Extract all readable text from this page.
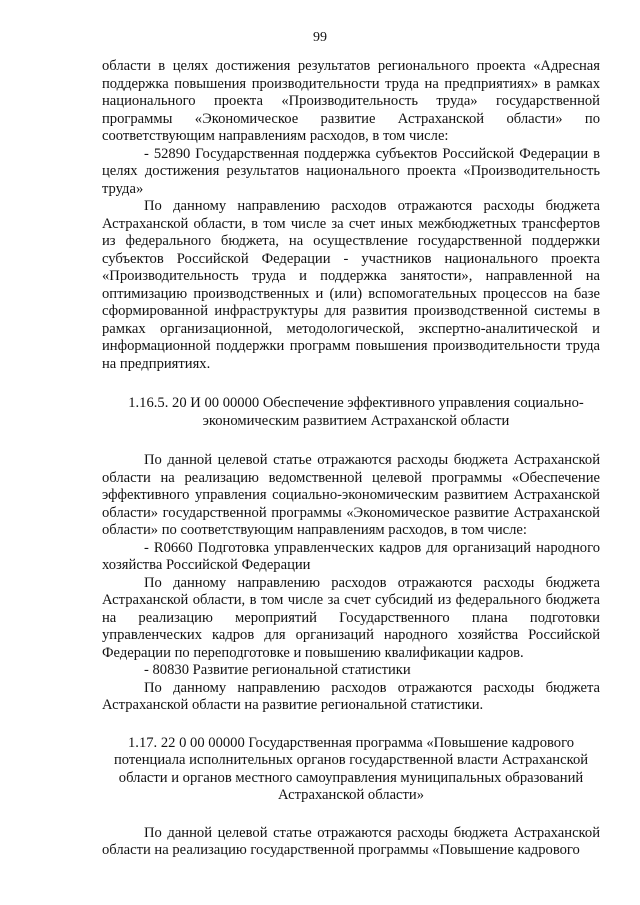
99

области в целях достижения результатов регионального проекта «Адресная поддержка повышения производительности труда на предприятиях» в рамках национального проекта «Производительность труда» государственной программы «Экономическое развитие Астраханской области» по соответствующим направлениям расходов, в том числе:

- 52890 Государственная поддержка субъектов Российской Федерации в целях достижения результатов национального проекта «Производительность труда»

По данному направлению расходов отражаются расходы бюджета Астраханской области, в том числе за счет иных межбюджетных трансфертов из федерального бюджета, на осуществление государственной поддержки субъектов Российской Федерации - участников национального проекта «Производительность труда и поддержка занятости», направленной на оптимизацию производственных и (или) вспомогательных процессов на базе сформированной инфраструктуры для развития производственной системы в рамках организационной, методологической, экспертно-аналитической и информационной поддержки программ повышения производительности труда на предприятиях.

1.16.5. 20 И 00 00000 Обеспечение эффективного управления социально-экономическим развитием Астраханской области

По данной целевой статье отражаются расходы бюджета Астраханской области на реализацию ведомственной целевой программы «Обеспечение эффективного управления социально-экономическим развитием Астраханской области» государственной программы «Экономическое развитие Астраханской области» по соответствующим направлениям расходов, в том числе:

- R0660 Подготовка управленческих кадров для организаций народного хозяйства Российской Федерации

По данному направлению расходов отражаются расходы бюджета Астраханской области, в том числе за счет субсидий из федерального бюджета на реализацию мероприятий Государственного плана подготовки управленческих кадров для организаций народного хозяйства Российской Федерации по переподготовке и повышению квалификации кадров.

- 80830 Развитие региональной статистики

По данному направлению расходов отражаются расходы бюджета Астраханской области на развитие региональной статистики.

1.17. 22 0 00 00000 Государственная программа «Повышение кадрового потенциала исполнительных органов государственной власти Астраханской области и органов местного самоуправления муниципальных образований Астраханской области»

По данной целевой статье отражаются расходы бюджета Астраханской области на реализацию государственной программы «Повышение кадрового
